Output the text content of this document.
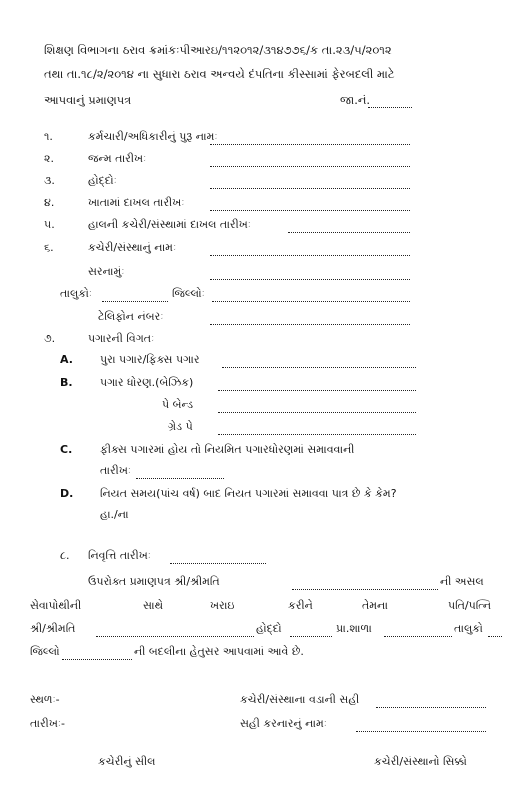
શિક્ષણ વિભાગના ઠરાવ ક્રમાંકઃપીઆરઇ/૧૧૨૦૧૨/૩૧૪૭૭૬/ક તા.૨૩/૫/૨૦૧૨
તથા તા.૧૮/૨/૨૦૧૪ ના સુધારા ઠરાવ અન્વયે દંપતિના કીસ્સામાં ફેરબદલી માટે
આપવાનું પ્રમાણપત્ર	જા.નં.
૧.	કર્મચારી/અધિકારીનું પુરૂ નામઃ
૨.	જન્મ તારીખઃ
૩.	હોદ્દોઃ
૪.	ખાતામાં દાખલ તારીખઃ
૫.	હાલની કચેરી/સંસ્થામાં દાખલ તારીખઃ
૬.	કચેરી/સંસ્થાનું નામઃ
સરનામુંઃ
તાલુકોઃ	જિલ્લોઃ
ટેલિફોન નંબરઃ
૭.	પગારની વિગતઃ
A. પુરા પગાર/ફિક્સ પગાર
B. પગાર ધોરણ.(બેઝિક)
પે બેન્ડ
ગ્રેડ પે
C.	ફીક્સ પગારમાં હોય તો નિયમિત પગારધોરણમાં સમાવવાની
તારીખઃ
D. નિયત સમય(પાંચ વર્ષ) બાદ નિયત પગારમાં સમાવવા પાત્ર છે કે કેમ?
હા./ના
૮. નિવૃત્તિ તારીખઃ
ઉપરોક્ત પ્રમાણપત્ર શ્રી/શ્રીમતિ	ની અસલ
સેવાપોથીની	સાથે	ખરાઇ	કરીને	તેમના	પતિ/પત્નિ
શ્રી/શ્રીમતિ	હોદ્દો	પ્રા.શાળા	તાલુકો
જિલ્લો	ની બદલીના હેતુસર આપવામાં આવે છે.
સ્થળઃ-	કચેરી/સંસ્થાના વડાની સહી
તારીખઃ-	સહી કરનારનું નામઃ
કચેરીનું સીલ	કચેરી/સંસ્થાનો સિક્કો
